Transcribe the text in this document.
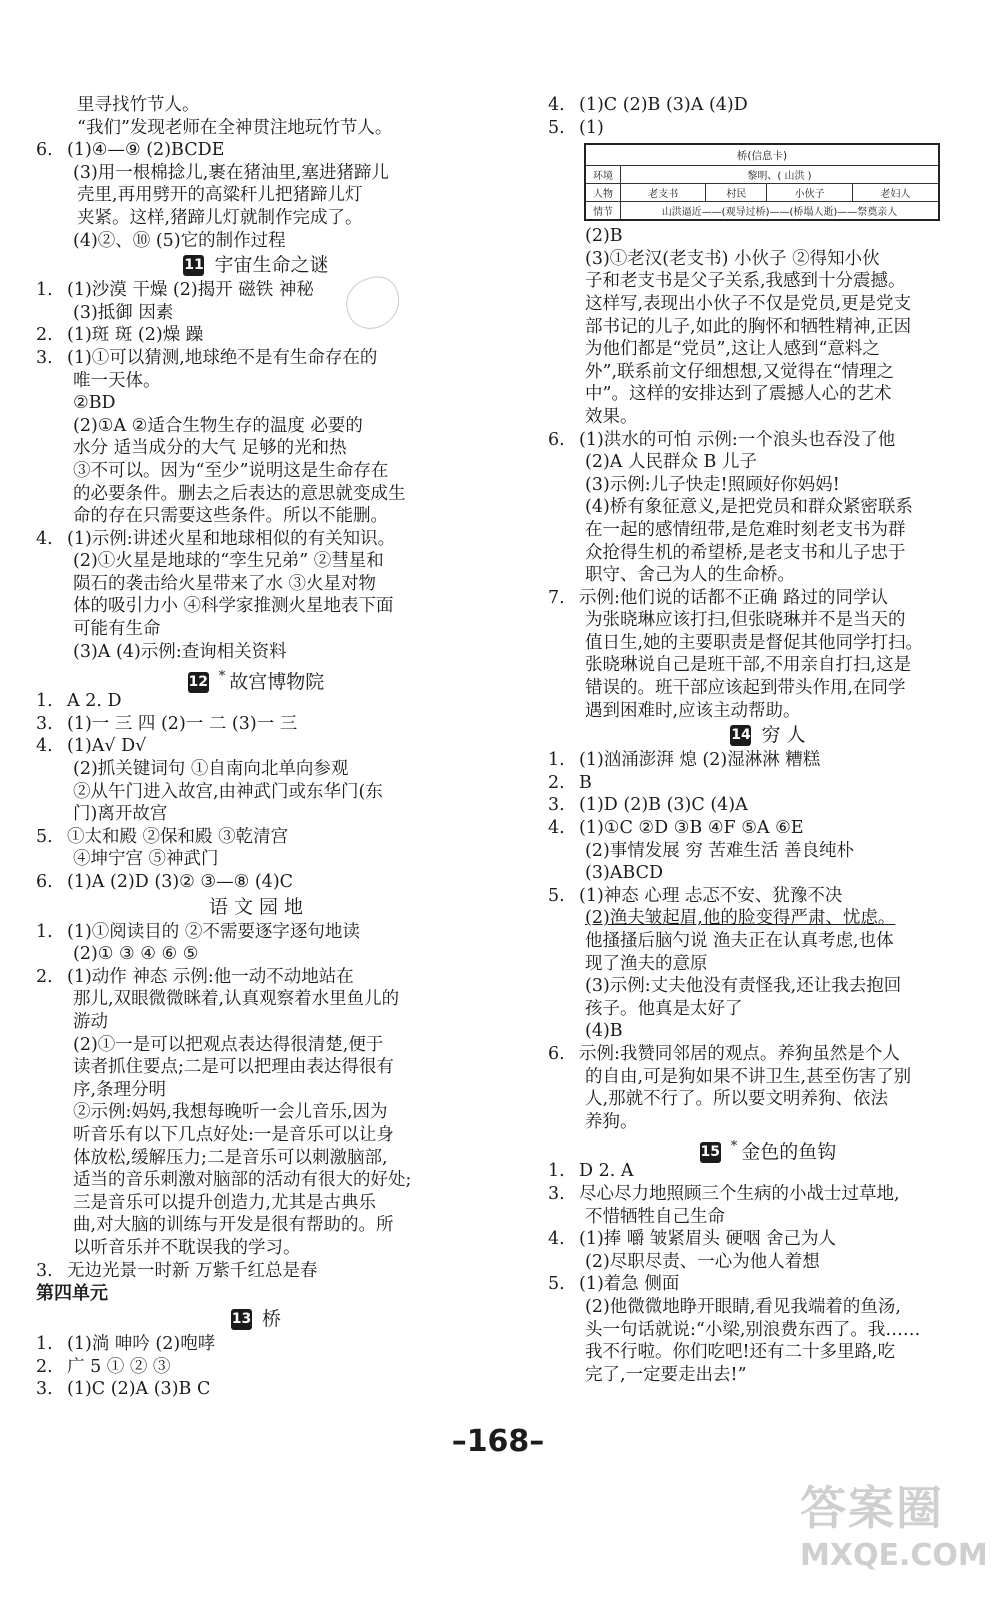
里寻找竹节人。
“我们”发现老师在全神贯注地玩竹节人。
6. (1)④—⑨ (2)BCDE
(3)用一根棉捻儿,裹在猪油里,塞进猪蹄儿
壳里,再用劈开的高粱秆儿把猪蹄儿灯
夹紧。这样,猪蹄儿灯就制作完成了。
(4)②、⑩ (5)它的制作过程
11 宇宙生命之谜
1. (1)沙漠 干燥 (2)揭开 磁铁 神秘
(3)抵御 因素
2. (1)斑 斑 (2)燥 躁
3. (1)①可以猜测,地球绝不是有生命存在的
唯一天体。
②BD
(2)①A ②适合生物生存的温度 必要的
水分 适当成分的大气 足够的光和热
③不可以。因为“至少”说明这是生命存在
的必要条件。删去之后表达的意思就变成生
命的存在只需要这些条件。所以不能删。
4. (1)示例:讲述火星和地球相似的有关知识。
(2)①火星是地球的“孪生兄弟” ②彗星和
陨石的袭击给火星带来了水 ③火星对物
体的吸引力小 ④科学家推测火星地表下面
可能有生命
(3)A (4)示例:查询相关资料
12 * 故宫博物院
1. A 2. D
3. (1)一 三 四 (2)一 二 (3)一 三
4. (1)A√ D√
(2)抓关键词句 ①自南向北单向参观
②从午门进入故宫,由神武门或东华门(东
门)离开故宫
5. ①太和殿 ②保和殿 ③乾清宫
④坤宁宫 ⑤神武门
6. (1)A (2)D (3)② ③—⑧ (4)C
语 文 园 地
1. (1)①阅读目的 ②不需要逐字逐句地读
(2)① ③ ④ ⑥ ⑤
2. (1)动作 神态 示例:他一动不动地站在
那儿,双眼微微眯着,认真观察着水里鱼儿的
游动
(2)①一是可以把观点表达得很清楚,便于
读者抓住要点;二是可以把理由表达得很有
序,条理分明
②示例:妈妈,我想每晚听一会儿音乐,因为
听音乐有以下几点好处:一是音乐可以让身
体放松,缓解压力;二是音乐可以刺激脑部,
适当的音乐刺激对脑部的活动有很大的好处;
三是音乐可以提升创造力,尤其是古典乐
曲,对大脑的训练与开发是很有帮助的。所
以听音乐并不耽误我的学习。
3. 无边光景一时新 万紫千红总是春
第四单元
13 桥
1. (1)淌 呻吟 (2)咆哮
2. 广 5 ① ② ③
3. (1)C (2)A (3)B C
4. (1)C (2)B (3)A (4)D
5. (1)
桥(信息卡)				
环境	黎明、( 山洪 )			
人物	老支书	村民	小伙子	老妇人
情节	山洪逼近——(观导过桥)——(桥塌人逝)——祭奠亲人			
(2)B
(3)①老汉(老支书) 小伙子 ②得知小伙
子和老支书是父子关系,我感到十分震撼。
这样写,表现出小伙子不仅是党员,更是党支
部书记的儿子,如此的胸怀和牺牲精神,正因
为他们都是“党员”,这让人感到“意料之
外”,联系前文仔细想想,又觉得在“情理之
中”。这样的安排达到了震撼人心的艺术
效果。
6. (1)洪水的可怕 示例:一个浪头也吞没了他
(2)A 人民群众 B 儿子
(3)示例:儿子快走!照顾好你妈妈!
(4)桥有象征意义,是把党员和群众紧密联系
在一起的感情纽带,是危难时刻老支书为群
众抢得生机的希望桥,是老支书和儿子忠于
职守、舍己为人的生命桥。
7. 示例:他们说的话都不正确 路过的同学认
为张晓琳应该打扫,但张晓琳并不是当天的
值日生,她的主要职责是督促其他同学打扫。
张晓琳说自己是班干部,不用亲自打扫,这是
错误的。班干部应该起到带头作用,在同学
遇到困难时,应该主动帮助。
14 穷 人
1. (1)汹涌澎湃 熄 (2)湿淋淋 糟糕
2. B
3. (1)D (2)B (3)C (4)A
4. (1)①C ②D ③B ④F ⑤A ⑥E
(2)事情发展 穷 苦难生活 善良纯朴
(3)ABCD
5. (1)神态 心理 忐忑不安、犹豫不决
(2)渔夫皱起眉,他的脸变得严肃、忧虑。
他搔搔后脑勺说 渔夫正在认真考虑,也体
现了渔夫的意原
(3)示例:丈夫他没有责怪我,还让我去抱回
孩子。他真是太好了
(4)B
6. 示例:我赞同邻居的观点。养狗虽然是个人
的自由,可是狗如果不讲卫生,甚至伤害了别
人,那就不行了。所以要文明养狗、依法
养狗。
15 * 金色的鱼钩
1. D 2. A
3. 尽心尽力地照顾三个生病的小战士过草地,
不惜牺牲自己生命
4. (1)捧 嚼 皱紧眉头 硬咽 舍己为人
(2)尽职尽责、一心为他人着想
5. (1)着急 侧面
(2)他微微地睁开眼睛,看见我端着的鱼汤,
头一句话就说:“小梁,别浪费东西了。我……
我不行啦。你们吃吧!还有二十多里路,吃
完了,一定要走出去!”
–168–
答案圈
MXQE.COM
